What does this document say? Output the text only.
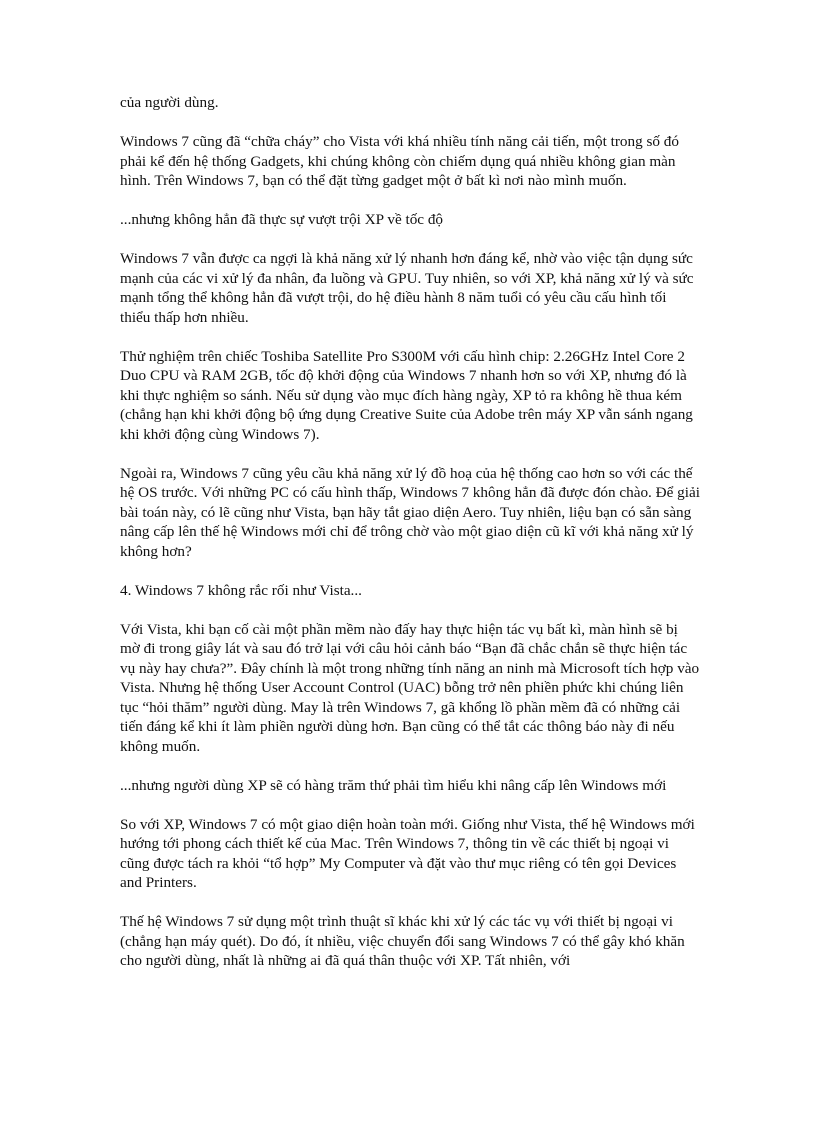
của người dùng.

Windows 7 cũng đã “chữa cháy” cho Vista với khá nhiều tính năng cải tiến, một trong số đó phải kể đến hệ thống Gadgets, khi chúng không còn chiếm dụng quá nhiều không gian màn hình. Trên Windows 7, bạn có thể đặt từng gadget một ở bất kì nơi nào mình muốn.

...nhưng không hẳn đã thực sự vượt trội XP về tốc độ

Windows 7 vẫn được ca ngợi là khả năng xử lý nhanh hơn đáng kể, nhờ vào việc tận dụng sức mạnh của các vi xử lý đa nhân, đa luồng và GPU. Tuy nhiên, so với XP, khả năng xử lý và sức mạnh tổng thể không hẳn đã vượt trội, do hệ điều hành 8 năm tuổi có yêu cầu cấu hình tối thiểu thấp hơn nhiều.

Thử nghiệm trên chiếc Toshiba Satellite Pro S300M với cấu hình chip: 2.26GHz Intel Core 2 Duo CPU và RAM 2GB, tốc độ khởi động của Windows 7 nhanh hơn so với XP, nhưng đó là khi thực nghiệm so sánh. Nếu sử dụng vào mục đích hàng ngày, XP tỏ ra không hề thua kém (chẳng hạn khi khởi động bộ ứng dụng Creative Suite của Adobe trên máy XP vẫn sánh ngang khi khởi động cùng Windows 7).

Ngoài ra, Windows 7 cũng yêu cầu khả năng xử lý đồ hoạ của hệ thống cao hơn so với các thế hệ OS trước. Với những PC có cấu hình thấp, Windows 7 không hẳn đã được đón chào. Để giải bài toán này, có lẽ cũng như Vista, bạn hãy tắt giao diện Aero. Tuy nhiên, liệu bạn có sẵn sàng nâng cấp lên thế hệ Windows mới chỉ để trông chờ vào một giao diện cũ kĩ với khả năng xử lý không hơn?

4. Windows 7 không rắc rối như Vista...

Với Vista, khi bạn cố cài một phần mềm nào đấy hay thực hiện tác vụ bất kì, màn hình sẽ bị mờ đi trong giây lát và sau đó trở lại với câu hỏi cảnh báo “Bạn đã chắc chắn sẽ thực hiện tác vụ này hay chưa?”. Đây chính là một trong những tính năng an ninh mà Microsoft tích hợp vào Vista. Nhưng hệ thống User Account Control (UAC) bỗng trở nên phiền phức khi chúng liên tục “hỏi thăm” người dùng. May là trên Windows 7, gã khổng lồ phần mềm đã có những cải tiến đáng kể khi ít làm phiền người dùng hơn. Bạn cũng có thể tắt các thông báo này đi nếu không muốn.

...nhưng người dùng XP sẽ có hàng trăm thứ phải tìm hiểu khi nâng cấp lên Windows mới

So với XP, Windows 7 có một giao diện hoàn toàn mới. Giống như Vista, thế hệ Windows mới hướng tới phong cách thiết kế của Mac. Trên Windows 7, thông tin về các thiết bị ngoại vi cũng được tách ra khỏi “tổ hợp” My Computer và đặt vào thư mục riêng có tên gọi Devices and Printers.

Thế hệ Windows 7 sử dụng một trình thuật sĩ khác khi xử lý các tác vụ với thiết bị ngoại vi (chẳng hạn máy quét). Do đó, ít nhiều, việc chuyển đổi sang Windows 7 có thể gây khó khăn cho người dùng, nhất là những ai đã quá thân thuộc với XP. Tất nhiên, với
